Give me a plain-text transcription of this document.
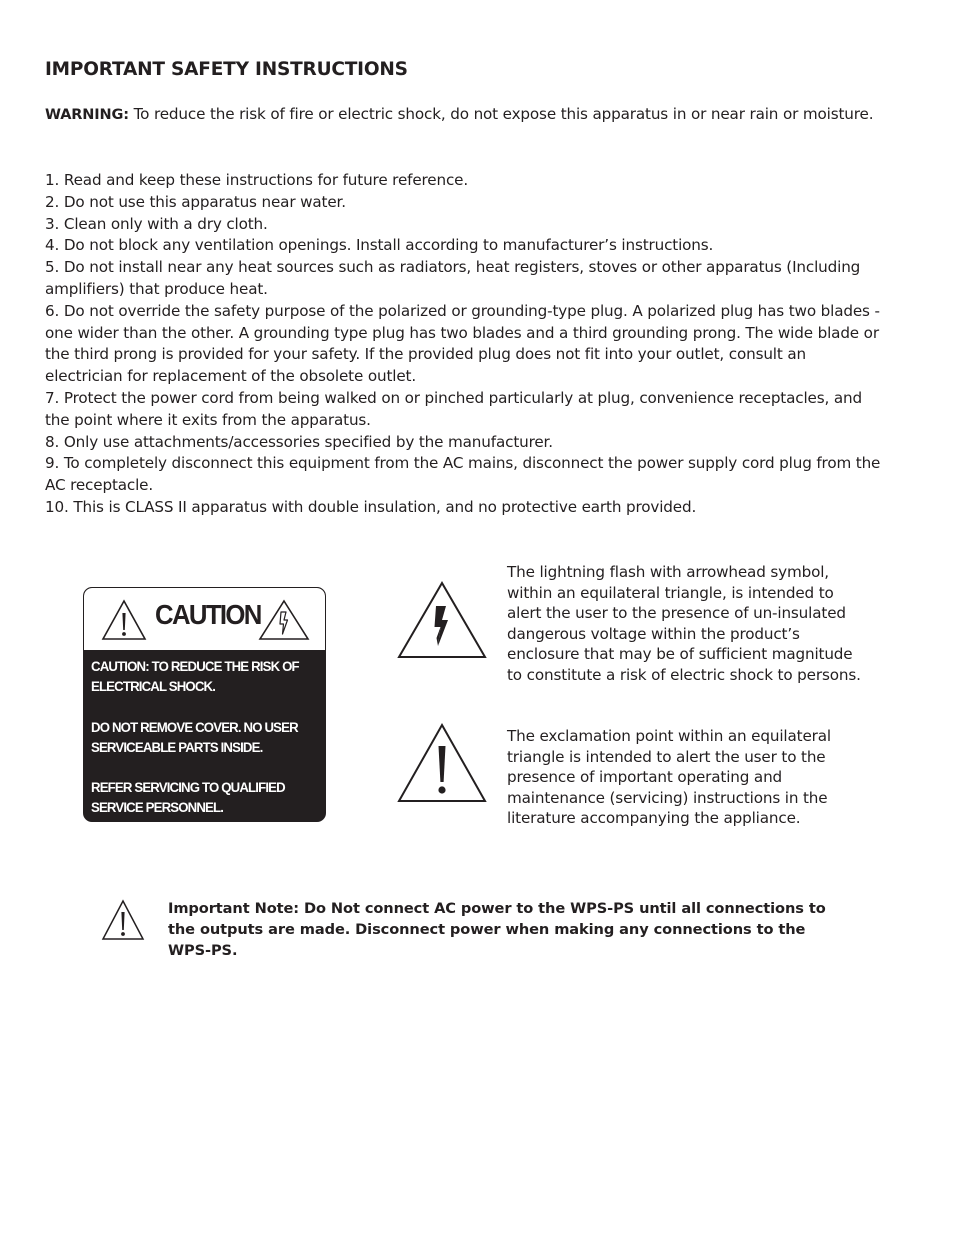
IMPORTANT SAFETY INSTRUCTIONS
WARNING: To reduce the risk of fire or electric shock, do not expose this apparatus in or near rain or moisture.
1. Read and keep these instructions for future reference.
2. Do not use this apparatus near water.
3. Clean only with a dry cloth.
4. Do not block any ventilation openings. Install according to manufacturer’s instructions.
5. Do not install near any heat sources such as radiators, heat registers, stoves or other apparatus (Including amplifiers) that produce heat.
6. Do not override the safety purpose of the polarized or grounding-type plug. A polarized plug has two blades - one wider than the other. A grounding type plug has two blades and a third grounding prong. The wide blade or the third prong is provided for your safety. If the provided plug does not fit into your outlet, consult an electrician for replacement of the obsolete outlet.
7. Protect the power cord from being walked on or pinched particularly at plug, convenience receptacles, and the point where it exits from the apparatus.
8. Only use attachments/accessories specified by the manufacturer.
9. To completely disconnect this equipment from the AC mains, disconnect the power supply cord plug from the AC receptacle.
10. This is CLASS II apparatus with double insulation, and no protective earth provided.
CAUTION

CAUTION: TO REDUCE THE RISK OF ELECTRICAL SHOCK.

DO NOT REMOVE COVER. NO USER SERVICEABLE PARTS INSIDE.

REFER SERVICING TO QUALIFIED SERVICE PERSONNEL.

The lightning flash with arrowhead symbol, within an equilateral triangle, is intended to alert the user to the presence of un-insulated dangerous voltage within the product’s enclosure that may be of sufficient magnitude to constitute a risk of electric shock to persons.
The exclamation point within an equilateral triangle is intended to alert the user to the presence of important operating and maintenance (servicing) instructions in the literature accompanying the appliance.
Important Note: Do Not connect AC power to the WPS-PS until all connections to the outputs are made. Disconnect power when making any connections to the WPS-PS.
